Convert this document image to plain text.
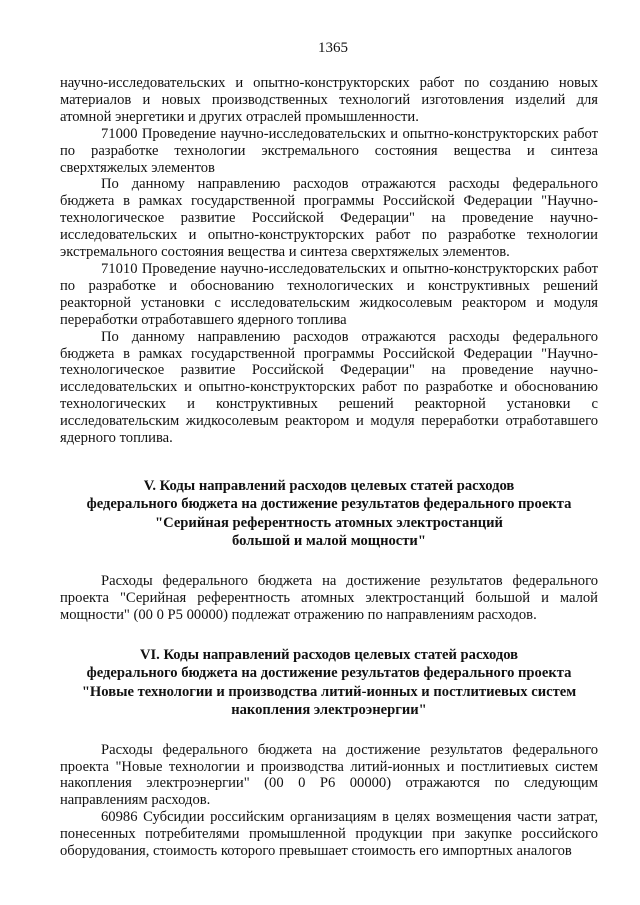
1365

научно-исследовательских и опытно-конструкторских работ по созданию новых материалов и новых производственных технологий изготовления изделий для атомной энергетики и других отраслей промышленности.

71000 Проведение научно-исследовательских и опытно-конструкторских работ по разработке технологии экстремального состояния вещества и синтеза сверхтяжелых элементов

По данному направлению расходов отражаются расходы федерального бюджета в рамках государственной программы Российской Федерации "Научно-технологическое развитие Российской Федерации" на проведение научно-исследовательских и опытно-конструкторских работ по разработке технологии экстремального состояния вещества и синтеза сверхтяжелых элементов.

71010 Проведение научно-исследовательских и опытно-конструкторских работ по разработке и обоснованию технологических и конструктивных решений реакторной установки с исследовательским жидкосолевым реактором и модуля переработки отработавшего ядерного топлива

По данному направлению расходов отражаются расходы федерального бюджета в рамках государственной программы Российской Федерации "Научно-технологическое развитие Российской Федерации" на проведение научно-исследовательских и опытно-конструкторских работ по разработке и обоснованию технологических и конструктивных решений реакторной установки с исследовательским жидкосолевым реактором и модуля переработки отработавшего ядерного топлива.

V. Коды направлений расходов целевых статей расходов

федерального бюджета на достижение результатов федерального проекта

"Серийная референтность атомных электростанций

большой и малой мощности"

Расходы федерального бюджета на достижение результатов федерального проекта "Серийная референтность атомных электростанций большой и малой мощности" (00 0 Р5 00000) подлежат отражению по направлениям расходов.

VI. Коды направлений расходов целевых статей расходов

федерального бюджета на достижение результатов федерального проекта

"Новые технологии и производства литий-ионных и постлитиевых систем

накопления электроэнергии"

Расходы федерального бюджета на достижение результатов федерального проекта "Новые технологии и производства литий-ионных и постлитиевых систем накопления электроэнергии" (00 0 Р6 00000) отражаются по следующим направлениям расходов.

60986 Субсидии российским организациям в целях возмещения части затрат, понесенных потребителями промышленной продукции при закупке российского оборудования, стоимость которого превышает стоимость его импортных аналогов
